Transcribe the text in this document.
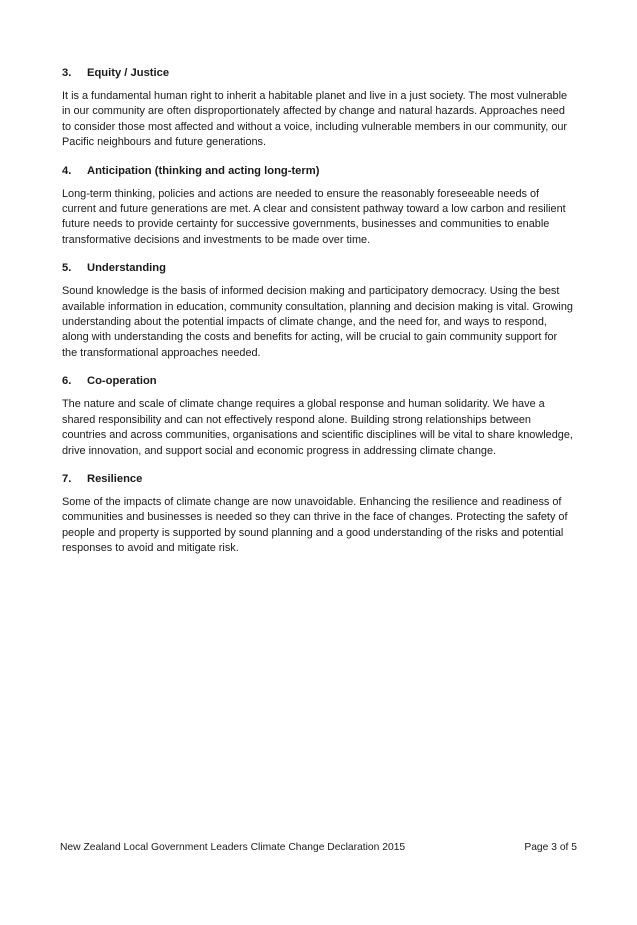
3.	Equity / Justice

It is a fundamental human right to inherit a habitable planet and live in a just society. The most vulnerable in our community are often disproportionately affected by change and natural hazards. Approaches need to consider those most affected and without a voice, including vulnerable members in our community, our Pacific neighbours and future generations.

4.	Anticipation (thinking and acting long-term)

Long-term thinking, policies and actions are needed to ensure the reasonably foreseeable needs of current and future generations are met. A clear and consistent pathway toward a low carbon and resilient future needs to provide certainty for successive governments, businesses and communities to enable transformative decisions and investments to be made over time.

5.	Understanding

Sound knowledge is the basis of informed decision making and participatory democracy. Using the best available information in education, community consultation, planning and decision making is vital. Growing understanding about the potential impacts of climate change, and the need for, and ways to respond, along with understanding the costs and benefits for acting, will be crucial to gain community support for the transformational approaches needed.

6.	Co-operation

The nature and scale of climate change requires a global response and human solidarity. We have a shared responsibility and can not effectively respond alone. Building strong relationships between countries and across communities, organisations and scientific disciplines will be vital to share knowledge, drive innovation, and support social and economic progress in addressing climate change.

7.	Resilience

Some of the impacts of climate change are now unavoidable. Enhancing the resilience and readiness of communities and businesses is needed so they can thrive in the face of changes. Protecting the safety of people and property is supported by sound planning and a good understanding of the risks and potential responses to avoid and mitigate risk.

New Zealand Local Government Leaders Climate Change Declaration 2015	Page 3 of 5
